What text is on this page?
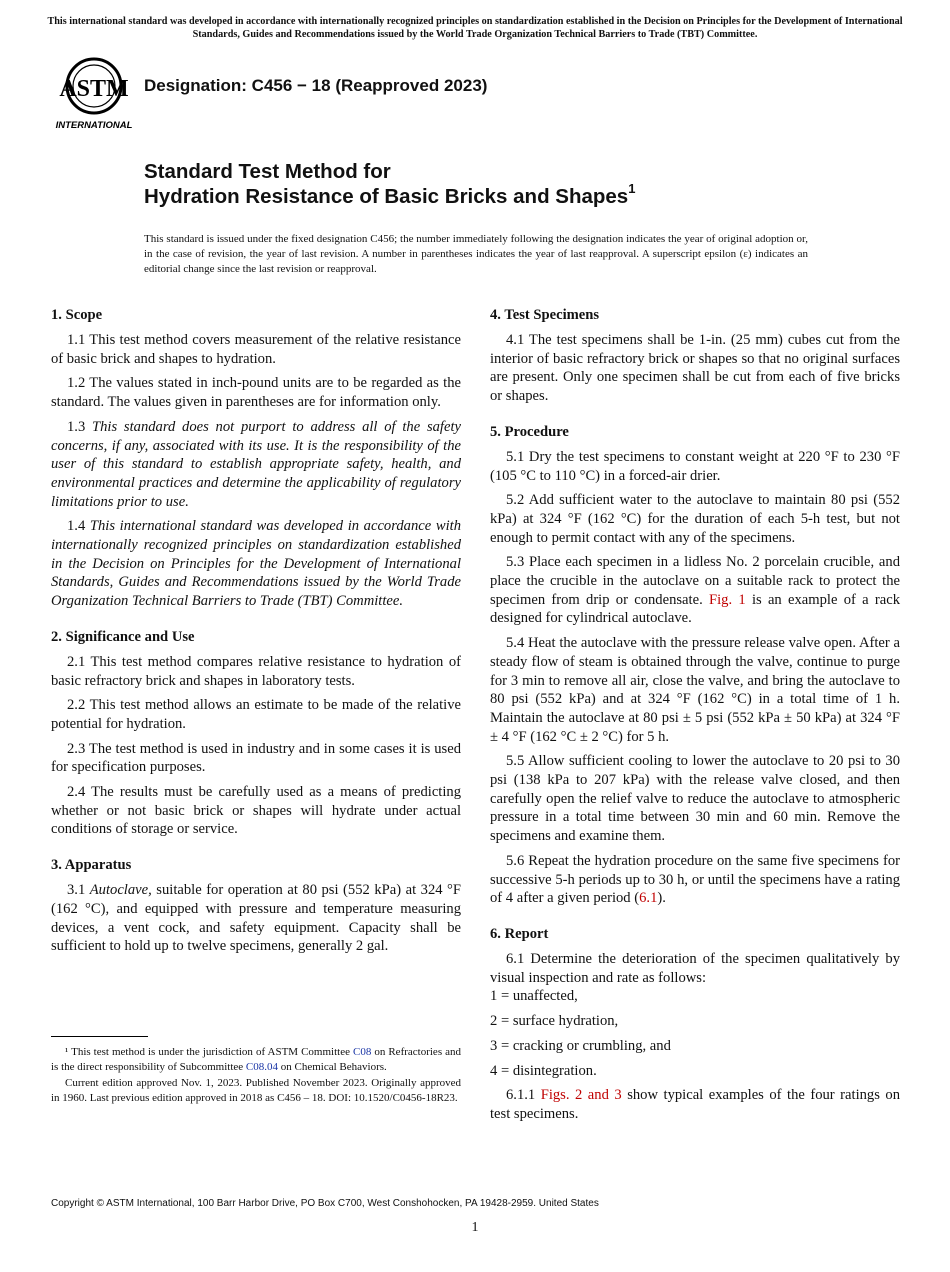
This international standard was developed in accordance with internationally recognized principles on standardization established in the Decision on Principles for the Development of International Standards, Guides and Recommendations issued by the World Trade Organization Technical Barriers to Trade (TBT) Committee.
ASTM
INTERNATIONAL
Designation: C456 − 18 (Reapproved 2023)
Standard Test Method for
Hydration Resistance of Basic Bricks and Shapes$^1$
This standard is issued under the fixed designation C456; the number immediately following the designation indicates the year of original adoption or, in the case of revision, the year of last revision. A number in parentheses indicates the year of last reapproval. A superscript epsilon (ε) indicates an editorial change since the last revision or reapproval.
1. Scope

1.1 This test method covers measurement of the relative resistance of basic brick and shapes to hydration.

1.2 The values stated in inch-pound units are to be regarded as the standard. The values given in parentheses are for information only.

1.3 This standard does not purport to address all of the safety concerns, if any, associated with its use. It is the responsibility of the user of this standard to establish appropriate safety, health, and environmental practices and determine the applicability of regulatory limitations prior to use.

1.4 This international standard was developed in accordance with internationally recognized principles on standardization established in the Decision on Principles for the Development of International Standards, Guides and Recommendations issued by the World Trade Organization Technical Barriers to Trade (TBT) Committee.

2. Significance and Use

2.1 This test method compares relative resistance to hydration of basic refractory brick and shapes in laboratory tests.

2.2 This test method allows an estimate to be made of the relative potential for hydration.

2.3 The test method is used in industry and in some cases it is used for specification purposes.

2.4 The results must be carefully used as a means of predicting whether or not basic brick or shapes will hydrate under actual conditions of storage or service.

3. Apparatus

3.1 Autoclave, suitable for operation at 80 psi (552 kPa) at 324 °F (162 °C), and equipped with pressure and temperature measuring devices, a vent cock, and safety equipment. Capacity shall be sufficient to hold up to twelve specimens, generally 2 gal.

4. Test Specimens

4.1 The test specimens shall be 1-in. (25 mm) cubes cut from the interior of basic refractory brick or shapes so that no original surfaces are present. Only one specimen shall be cut from each of five bricks or shapes.

5. Procedure

5.1 Dry the test specimens to constant weight at 220 °F to 230 °F (105 °C to 110 °C) in a forced-air drier.

5.2 Add sufficient water to the autoclave to maintain 80 psi (552 kPa) at 324 °F (162 °C) for the duration of each 5-h test, but not enough to permit contact with any of the specimens.

5.3 Place each specimen in a lidless No. 2 porcelain crucible, and place the crucible in the autoclave on a suitable rack to protect the specimen from drip or condensate. Fig. 1 is an example of a rack designed for cylindrical autoclave.

5.4 Heat the autoclave with the pressure release valve open. After a steady flow of steam is obtained through the valve, continue to purge for 3 min to remove all air, close the valve, and bring the autoclave to 80 psi (552 kPa) and at 324 °F (162 °C) in a total time of 1 h. Maintain the autoclave at 80 psi ± 5 psi (552 kPa ± 50 kPa) at 324 °F ± 4 °F (162 °C ± 2 °C) for 5 h.

5.5 Allow sufficient cooling to lower the autoclave to 20 psi to 30 psi (138 kPa to 207 kPa) with the release valve closed, and then carefully open the relief valve to reduce the autoclave to atmospheric pressure in a total time between 30 min and 60 min. Remove the specimens and examine them.

5.6 Repeat the hydration procedure on the same five specimens for successive 5-h periods up to 30 h, or until the specimens have a rating of 4 after a given period (6.1).

6. Report

6.1 Determine the deterioration of the specimen qualitatively by visual inspection and rate as follows:

1 = unaffected,

2 = surface hydration,

3 = cracking or crumbling, and

4 = disintegration.

6.1.1 Figs. 2 and 3 show typical examples of the four ratings on test specimens.

¹ This test method is under the jurisdiction of ASTM Committee C08 on Refractories and is the direct responsibility of Subcommittee C08.04 on Chemical Behaviors.

Current edition approved Nov. 1, 2023. Published November 2023. Originally approved in 1960. Last previous edition approved in 2018 as C456 – 18. DOI: 10.1520/C0456-18R23.

Copyright © ASTM International, 100 Barr Harbor Drive, PO Box C700, West Conshohocken, PA 19428-2959. United States
1
